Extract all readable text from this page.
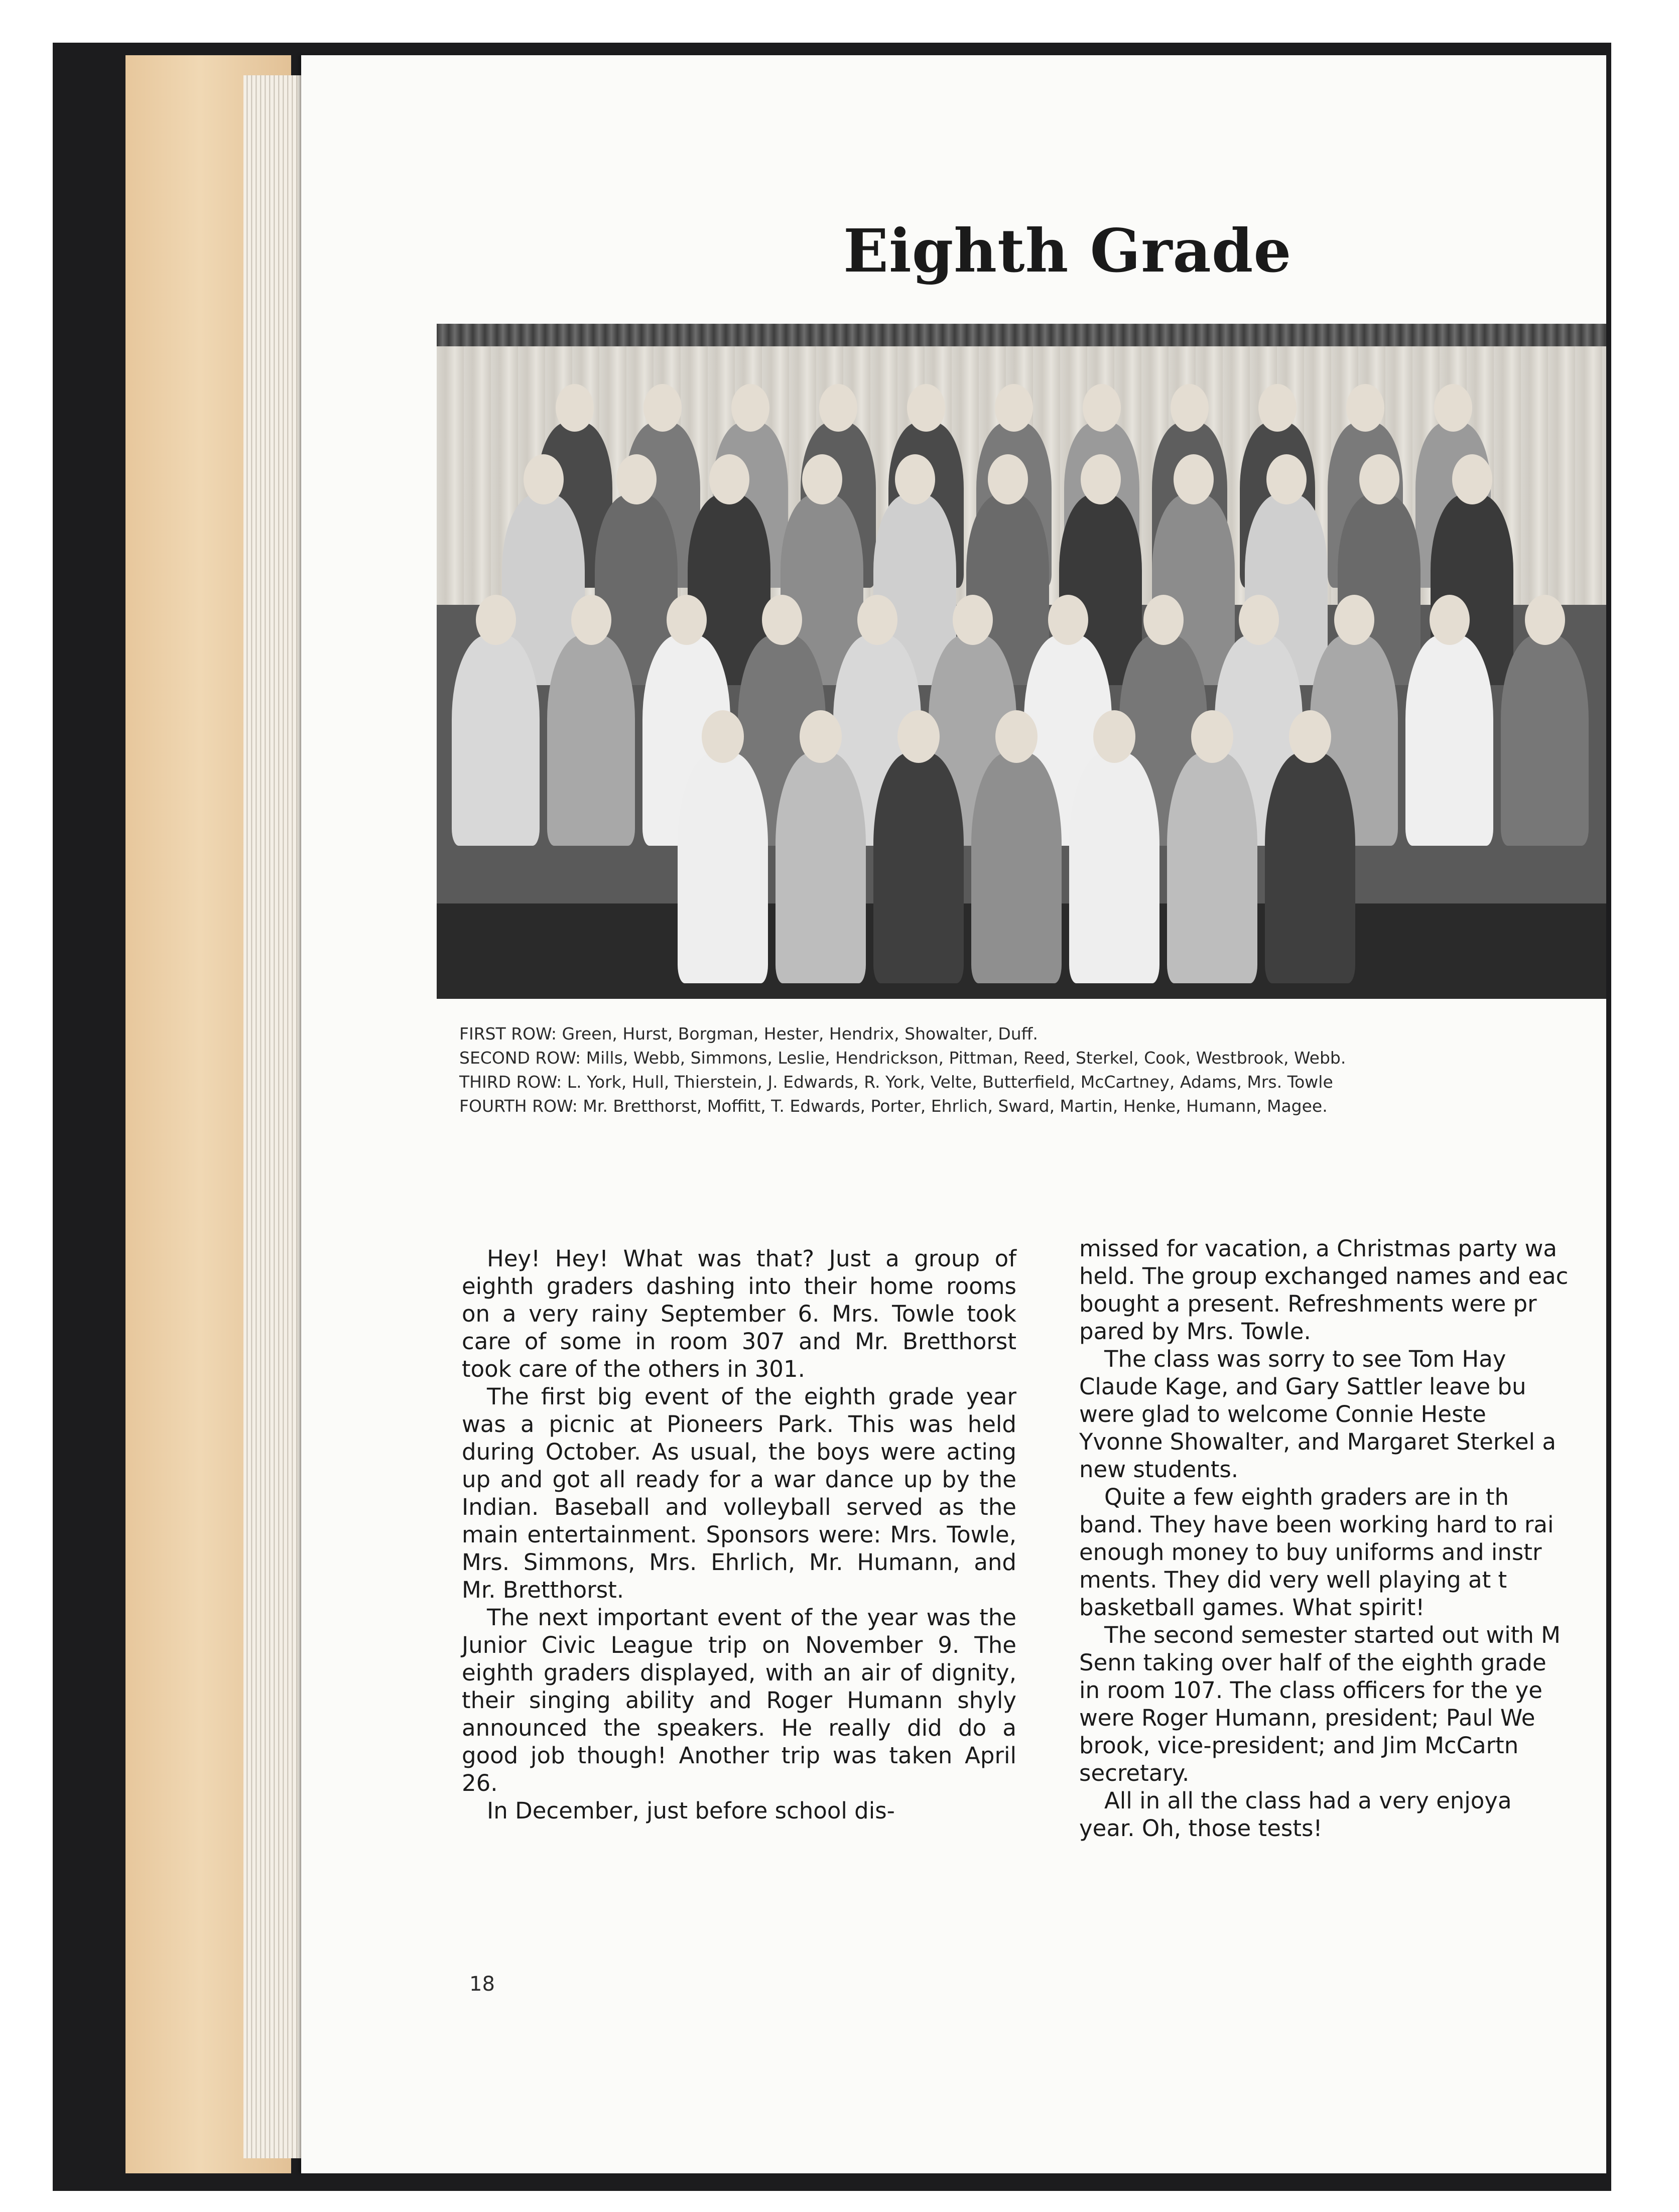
Eighth Grade
FIRST ROW: Green, Hurst, Borgman, Hester, Hendrix, Showalter, Duff.
SECOND ROW: Mills, Webb, Simmons, Leslie, Hendrickson, Pittman, Reed, Sterkel, Cook, Westbrook, Webb.
THIRD ROW: L. York, Hull, Thierstein, J. Edwards, R. York, Velte, Butterfield, McCartney, Adams, Mrs. Towle
FOURTH ROW: Mr. Bretthorst, Moffitt, T. Edwards, Porter, Ehrlich, Sward, Martin, Henke, Humann, Magee.

Hey! Hey! What was that? Just a group of eighth graders dashing into their home rooms on a very rainy September 6. Mrs. Towle took care of some in room 307 and Mr. Bretthorst took care of the others in 301.

The first big event of the eighth grade year was a picnic at Pioneers Park. This was held during October. As usual, the boys were acting up and got all ready for a war dance up by the Indian. Baseball and volleyball served as the main entertainment. Sponsors were: Mrs. Towle, Mrs. Simmons, Mrs. Ehrlich, Mr. Humann, and Mr. Bretthorst.

The next important event of the year was the Junior Civic League trip on November 9. The eighth graders displayed, with an air of dignity, their singing ability and Roger Humann shyly announced the speakers. He really did do a good job though! Another trip was taken April 26.

In December, just before school dis-

missed for vacation, a Christmas party wa

held. The group exchanged names and eac

bought a present. Refreshments were pr

pared by Mrs. Towle.

The class was sorry to see Tom Hay

Claude Kage, and Gary Sattler leave bu

were glad to welcome Connie Heste

Yvonne Showalter, and Margaret Sterkel a

new students.

Quite a few eighth graders are in th

band. They have been working hard to rai

enough money to buy uniforms and instr

ments. They did very well playing at t

basketball games. What spirit!

The second semester started out with M

Senn taking over half of the eighth grade

in room 107. The class officers for the ye

were Roger Humann, president; Paul We

brook, vice-president; and Jim McCartn

secretary.

All in all the class had a very enjoya

year. Oh, those tests!

18
